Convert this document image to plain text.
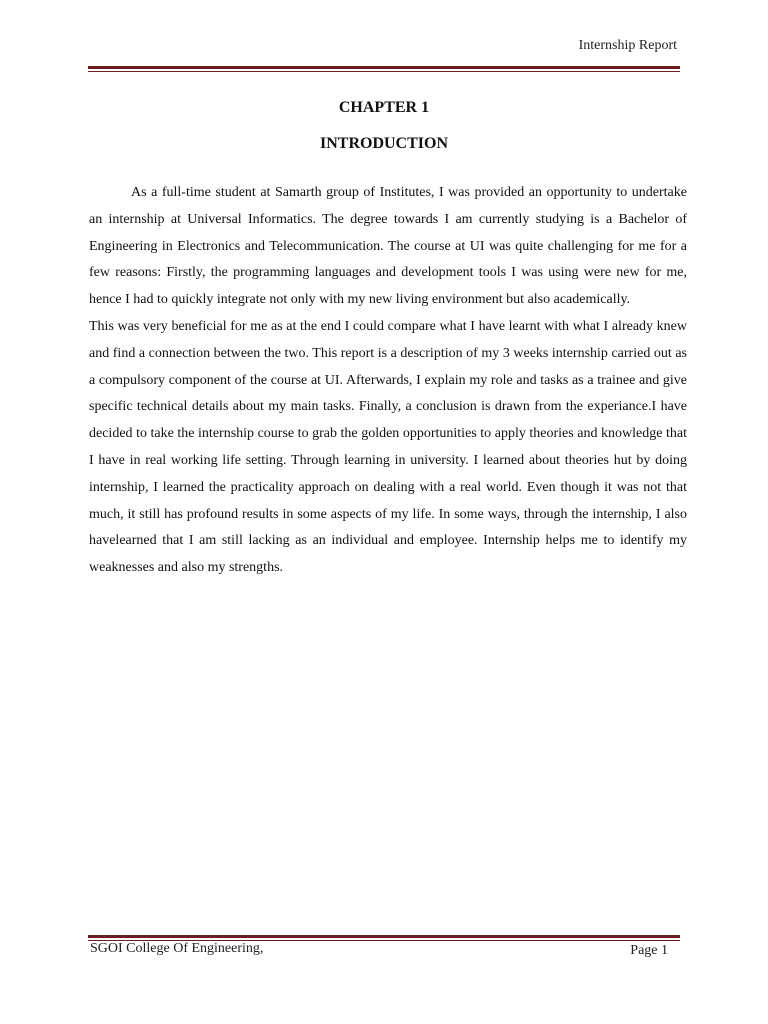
Internship Report
CHAPTER 1
INTRODUCTION

As a full-time student at Samarth group of Institutes, I was provided an opportunity to undertake an internship at Universal Informatics. The degree towards I am currently studying is a Bachelor of Engineering in Electronics and Telecommunication. The course at UI was quite challenging for me for a few reasons: Firstly, the programming languages and development tools I was using were new for me, hence I had to quickly integrate not only with my new living environment but also academically.

This was very beneficial for me as at the end I could compare what I have learnt with what I already knew and find a connection between the two. This report is a description of my 3 weeks internship carried out as a compulsory component of the course at UI. Afterwards, I explain my role and tasks as a trainee and give specific technical details about my main tasks. Finally, a conclusion is drawn from the experiance.I have decided to take the internship course to grab the golden opportunities to apply theories and knowledge that I have in real working life setting. Through learning in university. I learned about theories hut by doing internship, I learned the practicality approach on dealing with a real world. Even though it was not that much, it still has profound results in some aspects of my life. In some ways, through the internship, I also havelearned that I am still lacking as an individual and employee. Internship helps me to identify my weaknesses and also my strengths.

SGOI College Of Engineering,	Page 1
